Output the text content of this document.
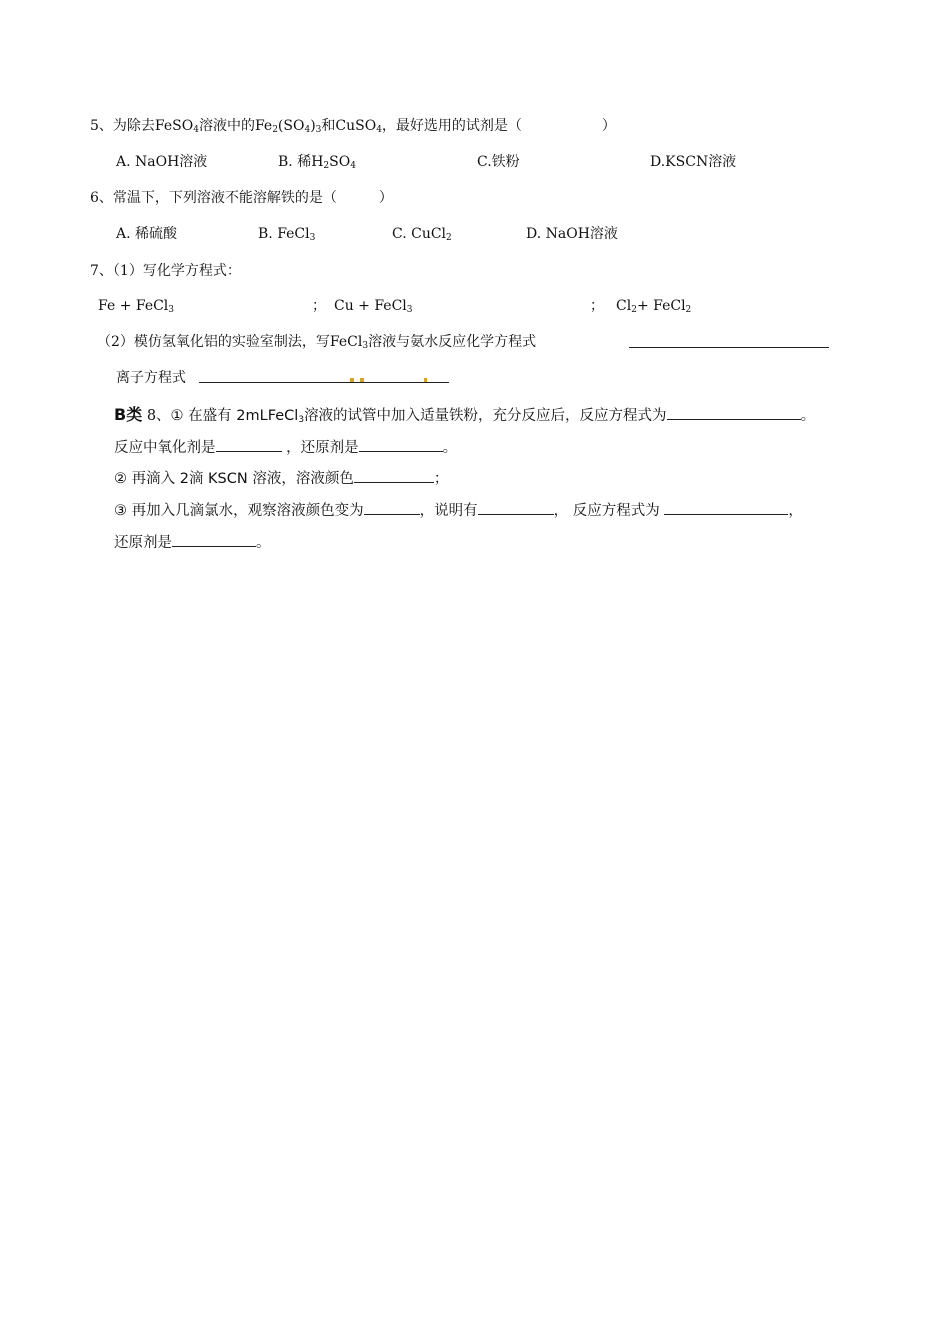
5、为除去FeSO$_4$溶液中的$Fe_2(SO_4)_3$和CuSO$_4$，最好选用的试剂是（	）
A. NaOH溶液	B. 稀$H_2SO_4$	C.铁粉	D.KSCN溶液
6、常温下，下列溶液不能溶解铁的是（	）
A. 稀硫酸	B. FeCl$_3$	C. CuCl$_2$	D. NaOH溶液
7、（1）写化学方程式：
Fe + FeCl$_3$	； Cu + FeCl$_3$	； $Cl_2+$ FeCl$_2$
（2）模仿氢氧化铝的实验室制法，写FeCl$_3$溶液与氨水反应化学方程式
离子方程式
B类 8、① 在盛有 2mLFeCl$_3$溶液的试管中加入适量铁粉，充分反应后，反应方程式为	。
反应中氧化剂是	，还原剂是	。
② 再滴入 2滴 KSCN 溶液，溶液颜色	；
③ 再加入几滴氯水，观察溶液颜色变为	，说明有	， 反应方程式为	，
还原剂是	。
